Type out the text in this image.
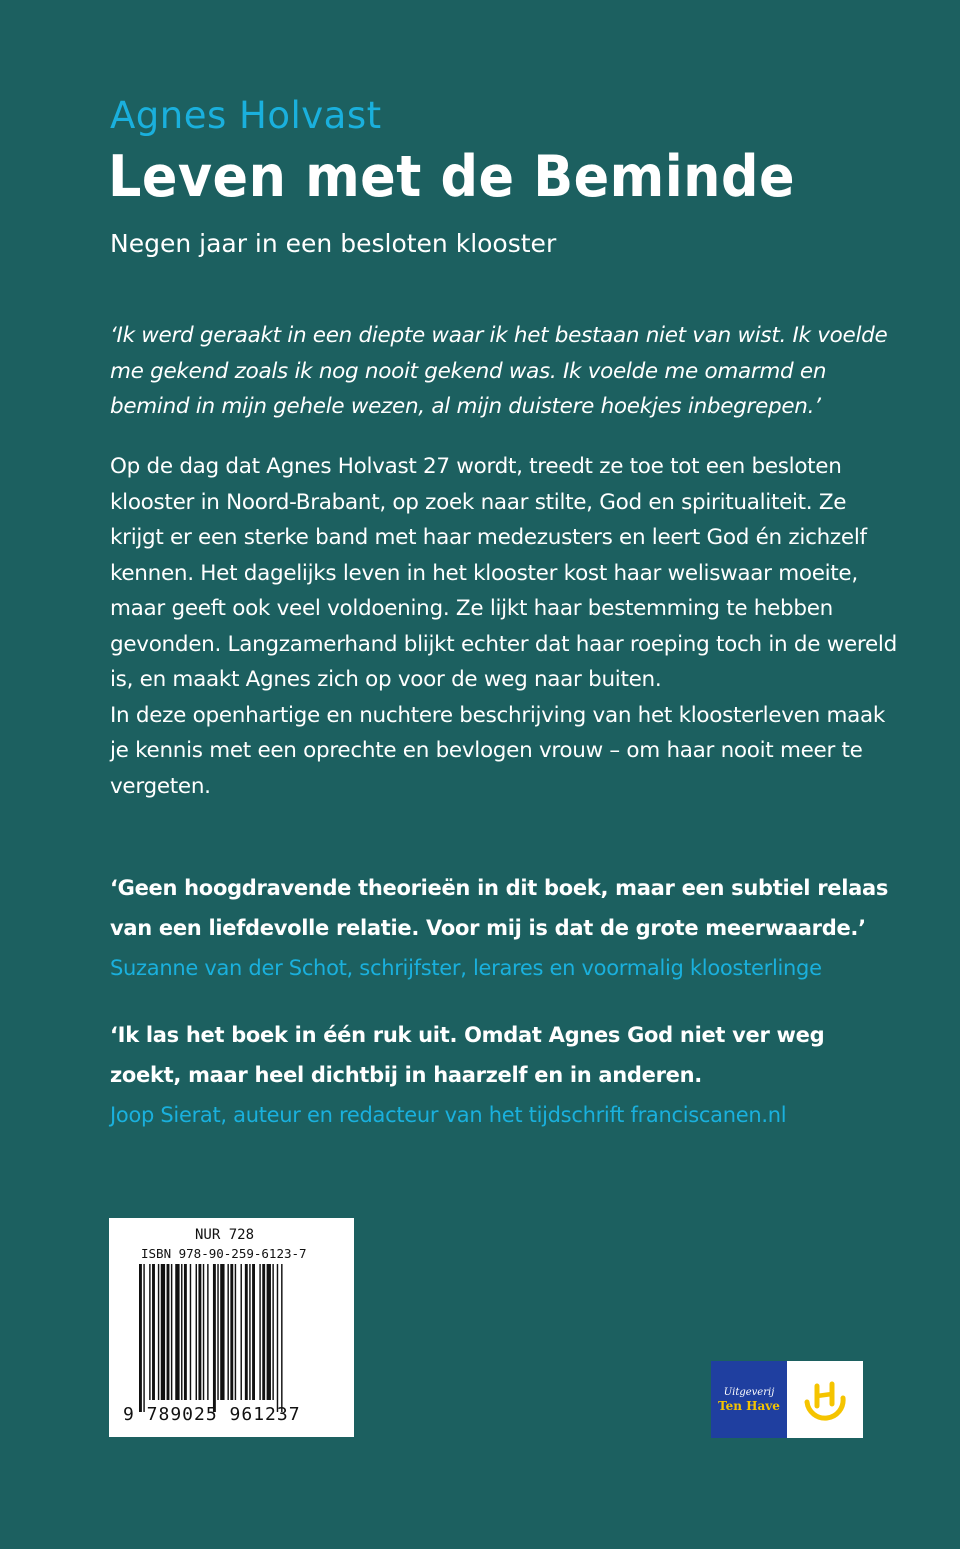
Agnes Holvast
Leven met de Beminde
Negen jaar in een besloten klooster

‘Ik werd geraakt in een diepte waar ik het bestaan niet van wist. Ik voelde me gekend zoals ik nog nooit gekend was. Ik voelde me omarmd en bemind in mijn gehele wezen, al mijn duistere hoekjes inbegrepen.’

Op de dag dat Agnes Holvast 27 wordt, treedt ze toe tot een besloten klooster in Noord-Brabant, op zoek naar stilte, God en spiritualiteit. Ze krijgt er een sterke band met haar medezusters en leert God én zichzelf kennen. Het dagelijks leven in het klooster kost haar weliswaar moeite, maar geeft ook veel voldoening. Ze lijkt haar bestemming te hebben gevonden. Langzamerhand blijkt echter dat haar roeping toch in de wereld is, en maakt Agnes zich op voor de weg naar buiten.

In deze openhartige en nuchtere beschrijving van het kloosterleven maak je kennis met een oprechte en bevlogen vrouw – om haar nooit meer te vergeten.

‘Geen hoogdravende theorieën in dit boek, maar een subtiel relaas van een liefdevolle relatie. Voor mij is dat de grote meerwaarde.’

Suzanne van der Schot, schrijfster, lerares en voormalig kloosterlinge

‘Ik las het boek in één ruk uit. Omdat Agnes God niet ver weg zoekt, maar heel dichtbij in haarzelf en in anderen.

Joop Sierat, auteur en redacteur van het tijdschrift franciscanen.nl

NUR 728
ISBN 978-90-259-6123-7
9 789025 961237
Uitgeverij
Ten Have
